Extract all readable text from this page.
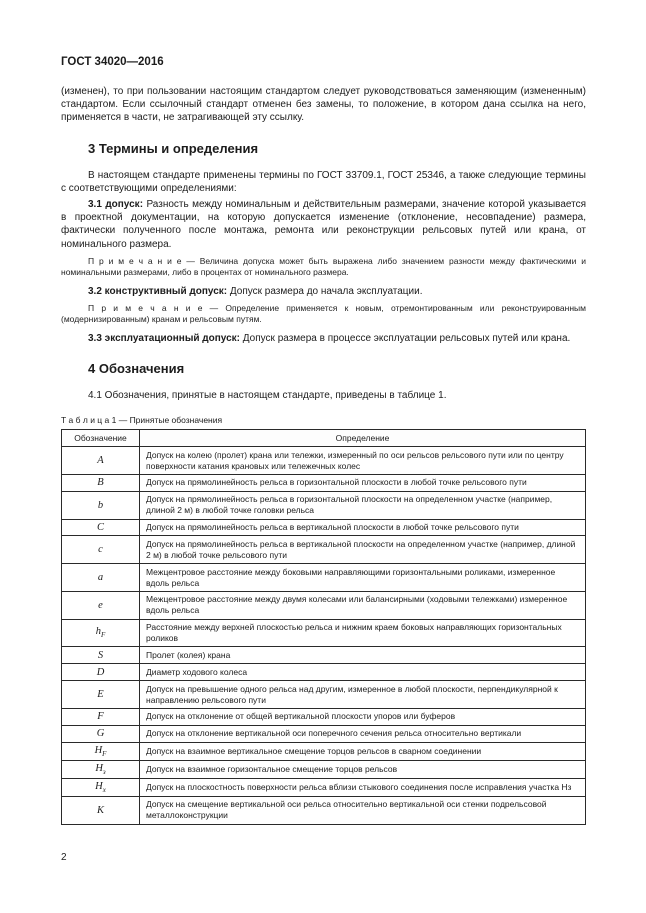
ГОСТ 34020—2016

(изменен), то при пользовании настоящим стандартом следует руководствоваться заменяющим (измененным) стандартом. Если ссылочный стандарт отменен без замены, то положение, в котором дана ссылка на него, применяется в части, не затрагивающей эту ссылку.

3 Термины и определения

В настоящем стандарте применены термины по ГОСТ 33709.1, ГОСТ 25346, а также следующие термины с соответствующими определениями:

3.1 допуск: Разность между номинальным и действительным размерами, значение которой указывается в проектной документации, на которую допускается изменение (отклонение, несовпадение) размера, фактически полученного после монтажа, ремонта или реконструкции рельсовых путей или крана, от номинального размера.

П р и м е ч а н и е — Величина допуска может быть выражена либо значением разности между фактическими и номинальными размерами, либо в процентах от номинального размера.

3.2 конструктивный допуск: Допуск размера до начала эксплуатации.

П р и м е ч а н и е — Определение применяется к новым, отремонтированным или реконструированным (модернизированным) кранам и рельсовым путям.

3.3 эксплуатационный допуск: Допуск размера в процессе эксплуатации рельсовых путей или крана.

4 Обозначения

4.1 Обозначения, принятые в настоящем стандарте, приведены в таблице 1.

Т а б л и ц а 1 — Принятые обозначения

Обозначение	Определение
A	Допуск на колею (пролет) крана или тележки, измеренный по оси рельсов рельсового пути или по центру поверхности катания крановых или тележечных колес
B	Допуск на прямолинейность рельса в горизонтальной плоскости в любой точке рельсового пути
b	Допуск на прямолинейность рельса в горизонтальной плоскости на определенном участке (например, длиной 2 м) в любой точке головки рельса
C	Допуск на прямолинейность рельса в вертикальной плоскости в любой точке рельсового пути
c	Допуск на прямолинейность рельса в вертикальной плоскости на определенном участке (например, длиной 2 м) в любой точке рельсового пути
a	Межцентровое расстояние между боковыми направляющими горизонтальными роликами, измеренное вдоль рельса
e	Межцентровое расстояние между двумя колесами или балансирными (ходовыми тележками) измеренное вдоль рельса
$h_F$	Расстояние между верхней плоскостью рельса и нижним краем боковых направляющих горизонтальных роликов
S	Пролет (колея) крана
D	Диаметр ходового колеса
E	Допуск на превышение одного рельса над другим, измеренное в любой плоскости, перпендикулярной к направлению рельсового пути
F	Допуск на отклонение от общей вертикальной плоскости упоров или буферов
G	Допуск на отклонение вертикальной оси поперечного сечения рельса относительно вертикали
$H_F$	Допуск на взаимное вертикальное смещение торцов рельсов в сварном соединении
$H_з$	Допуск на взаимное горизонтальное смещение торцов рельсов
$H_х$	Допуск на плоскостность поверхности рельса вблизи стыкового соединения после исправления участка Hз
K	Допуск на смещение вертикальной оси рельса относительно вертикальной оси стенки подрельсовой металлоконструкции
2
